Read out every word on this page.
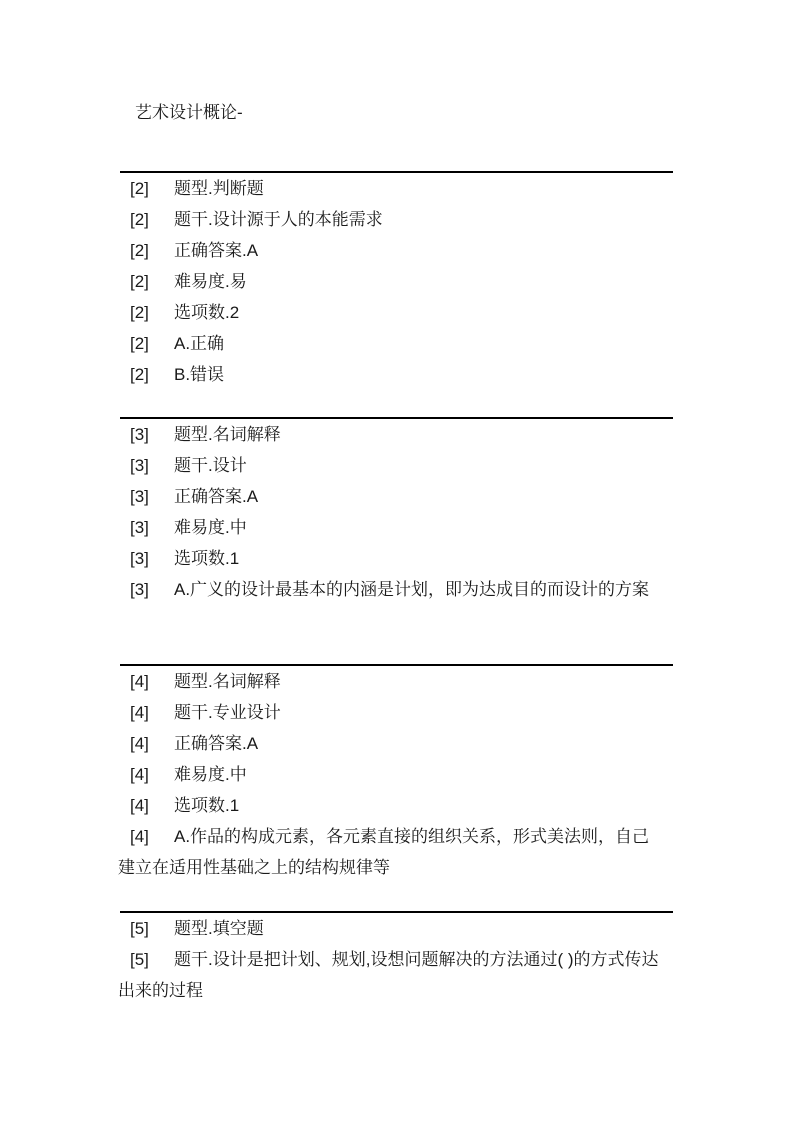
艺术设计概论-
[2] 题型.判断题
[2] 题干.设计源于人的本能需求
[2] 正确答案.A
[2] 难易度.易
[2] 选项数.2
[2] A.正确
[2] B.错误
[3] 题型.名词解释
[3] 题干.设计
[3] 正确答案.A
[3] 难易度.中
[3] 选项数.1
[3] A.广义的设计最基本的内涵是计划，即为达成目的而设计的方案
[4] 题型.名词解释
[4] 题干.专业设计
[4] 正确答案.A
[4] 难易度.中
[4] 选项数.1
[4] A.作品的构成元素，各元素直接的组织关系，形式美法则，自己建立在适用性基础之上的结构规律等
[5] 题型.填空题
[5] 题干.设计是把计划、规划,设想问题解决的方法通过( )的方式传达出来的过程
